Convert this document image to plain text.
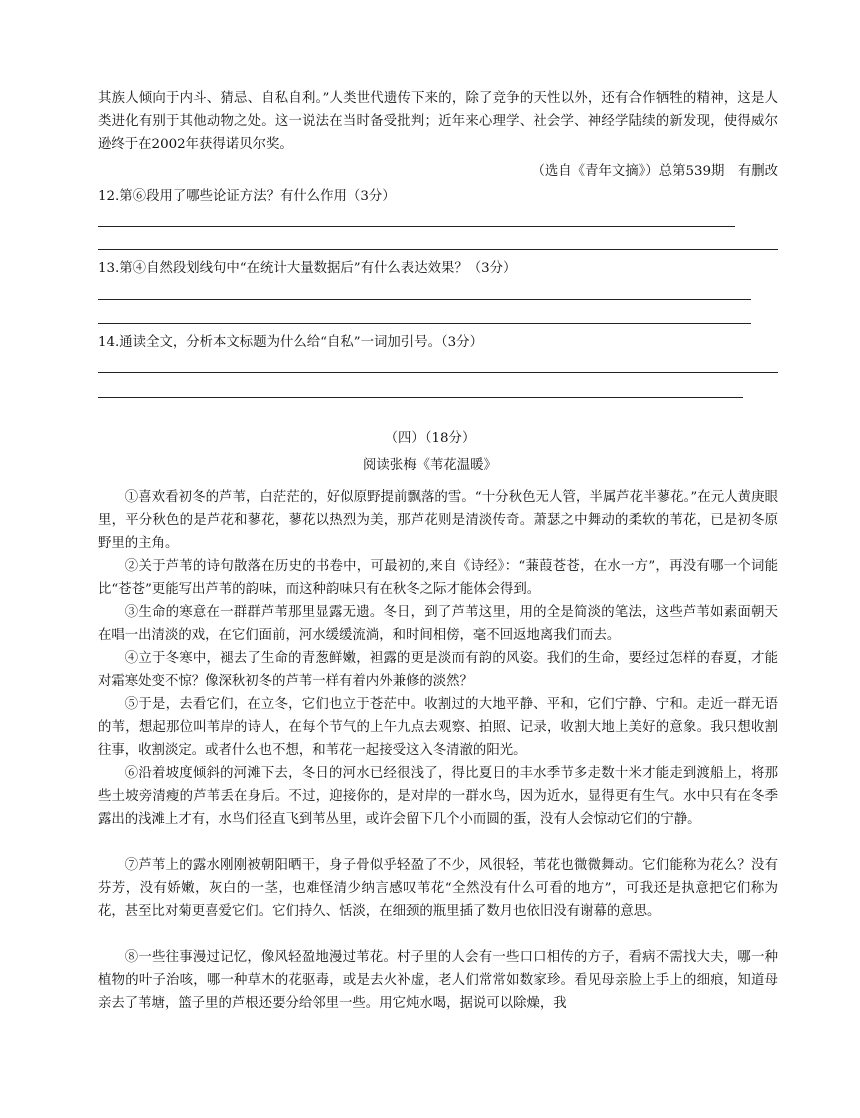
其族人倾向于内斗、猜忌、自私自利。”人类世代遗传下来的，除了竞争的天性以外，还有合作牺牲的精神，这是人类进化有别于其他动物之处。这一说法在当时备受批判；近年来心理学、社会学、神经学陆续的新发现，使得威尔逊终于在2002年获得诺贝尔奖。

（选自《青年文摘》）总第539期　有删改

12.第⑥段用了哪些论证方法？有什么作用（3分）

13.第④自然段划线句中“在统计大量数据后”有什么表达效果？（3分）

14.通读全文，分析本文标题为什么给“自私”一词加引号。（3分）

（四）（18分）

阅读张梅《苇花温暖》

①喜欢看初冬的芦苇，白茫茫的，好似原野提前飘落的雪。“十分秋色无人管，半属芦花半蓼花。”在元人黄庚眼里，平分秋色的是芦花和蓼花，蓼花以热烈为美，那芦花则是清淡传奇。萧瑟之中舞动的柔软的苇花，已是初冬原野里的主角。

②关于芦苇的诗句散落在历史的书卷中，可最初的,来自《诗经》：“蒹葭苍苍，在水一方”，再没有哪一个词能比“苍苍”更能写出芦苇的韵味，而这种韵味只有在秋冬之际才能体会得到。

③生命的寒意在一群群芦苇那里显露无遗。冬日，到了芦苇这里，用的全是简淡的笔法，这些芦苇如素面朝天在唱一出清淡的戏，在它们面前，河水缓缓流淌，和时间相傍，毫不回返地离我们而去。

④立于冬寒中，褪去了生命的青葱鲜嫩，袒露的更是淡而有韵的风姿。我们的生命，要经过怎样的春夏，才能对霜寒处变不惊？像深秋初冬的芦苇一样有着内外兼修的淡然？

⑤于是，去看它们，在立冬，它们也立于苍茫中。收割过的大地平静、平和，它们宁静、宁和。走近一群无语的苇，想起那位叫苇岸的诗人，在每个节气的上午九点去观察、拍照、记录，收割大地上美好的意象。我只想收割往事，收割淡定。或者什么也不想，和苇花一起接受这入冬清澈的阳光。

⑥沿着坡度倾斜的河滩下去，冬日的河水已经很浅了，得比夏日的丰水季节多走数十米才能走到渡船上，将那些土坡旁清瘦的芦苇丢在身后。不过，迎接你的，是对岸的一群水鸟，因为近水，显得更有生气。水中只有在冬季露出的浅滩上才有，水鸟们径直飞到苇丛里，或许会留下几个小而圆的蛋，没有人会惊动它们的宁静。

⑦芦苇上的露水刚刚被朝阳晒干，身子骨似乎轻盈了不少，风很轻，苇花也微微舞动。它们能称为花么？没有芬芳，没有娇嫩，灰白的一茎，也难怪清少纳言感叹苇花“全然没有什么可看的地方”，可我还是执意把它们称为花，甚至比对菊更喜爱它们。它们持久、恬淡，在细颈的瓶里插了数月也依旧没有谢幕的意思。

⑧一些往事漫过记忆，像风轻盈地漫过苇花。村子里的人会有一些口口相传的方子，看病不需找大夫，哪一种植物的叶子治咳，哪一种草木的花驱毒，或是去火补虚，老人们常常如数家珍。看见母亲脸上手上的细痕，知道母亲去了苇塘，篮子里的芦根还要分给邻里一些。用它炖水喝，据说可以除燥，我
